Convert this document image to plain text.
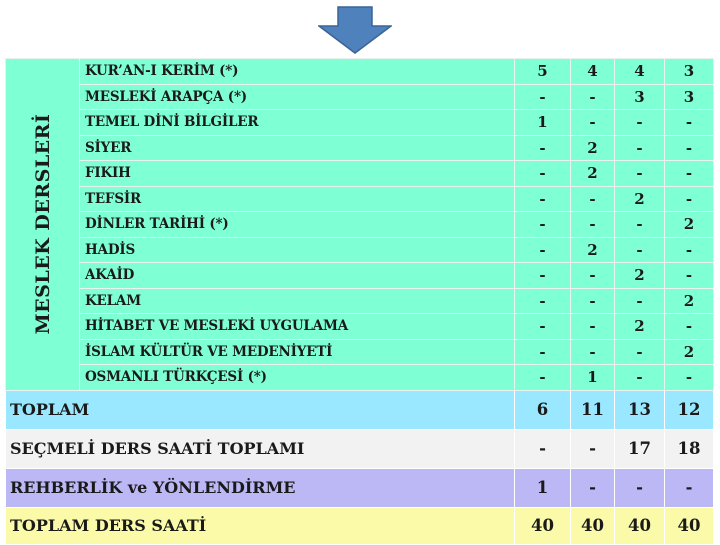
MESLEK DERSLERİ	KUR’AN-I KERİM (*)	5	4	4	3
	MESLEKİ ARAPÇA (*)	-	-	3	3
	TEMEL DİNİ BİLGİLER	1	-	-	-
	SİYER	-	2	-	-
	FIKIH	-	2	-	-
	TEFSİR	-	-	2	-
	DİNLER TARİHİ (*)	-	-	-	2
	HADİS	-	2	-	-
	AKAİD	-	-	2	-
	KELAM	-	-	-	2
	HİTABET VE MESLEKİ UYGULAMA	-	-	2	-
	İSLAM KÜLTÜR VE MEDENİYETİ	-	-	-	2
	OSMANLI TÜRKÇESİ (*)	-	1	-	-
TOPLAM		6	11	13	12
SEÇMELİ DERS SAATİ TOPLAMI		-	-	17	18
REHBERLİK ve YÖNLENDİRME		1	-	-	-
TOPLAM DERS SAATİ		40	40	40	40
